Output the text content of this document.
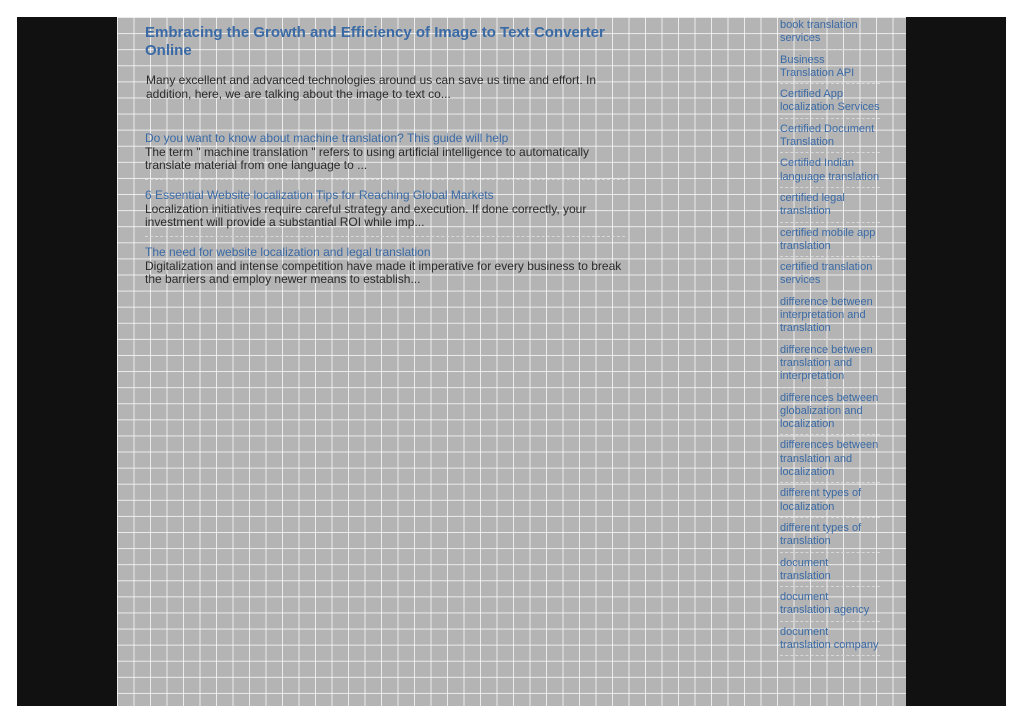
Embracing the Growth and Efficiency of Image to Text Converter Online

Many excellent and advanced technologies around us can save us time and effort. In addition, here, we are talking about the image to text co...

Do you want to know about machine translation? This guide will help

The term " machine translation " refers to using artificial intelligence to automatically translate material from one language to ...

6 Essential Website localization Tips for Reaching Global Markets

Localization initiatives require careful strategy and execution. If done correctly, your investment will provide a substantial ROI while imp...

The need for website localization and legal translation

Digitalization and intense competition have made it imperative for every business to break the barriers and employ newer means to establish...

book translation services
Business Translation API
Certified App localization Services
Certified Document Translation
Certified Indian language translation
certified legal translation
certified mobile app translation
certified translation services
difference between interpretation and translation
difference between translation and interpretation
differences between globalization and localization
differences between translation and localization
different types of localization
different types of translation
document translation
document translation agency
document translation company
